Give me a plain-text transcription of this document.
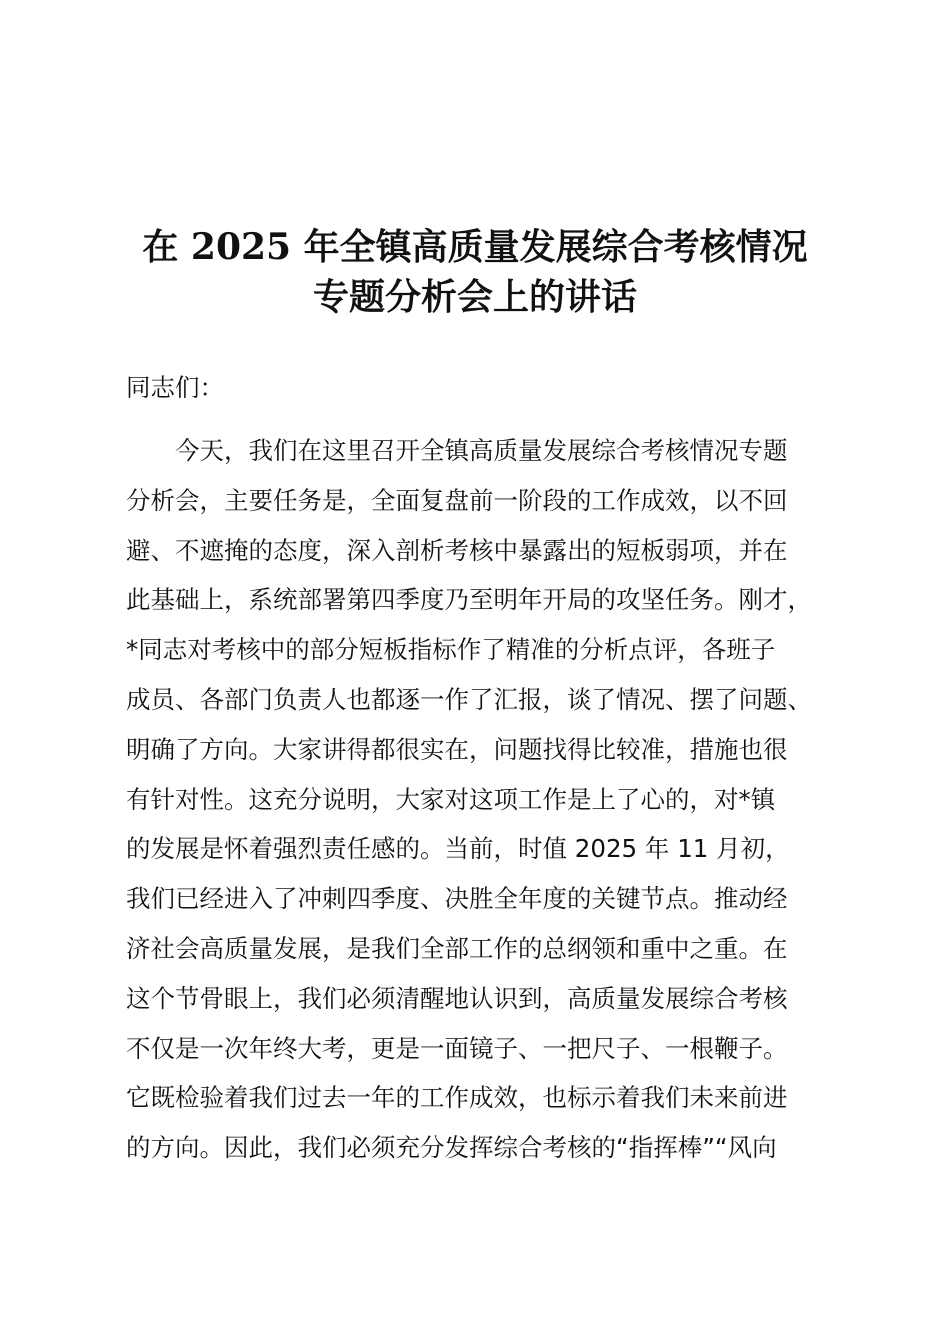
在 2025 年全镇高质量发展综合考核情况
专题分析会上的讲话

同志们：

今天，我们在这里召开全镇高质量发展综合考核情况专题
分析会，主要任务是，全面复盘前一阶段的工作成效，以不回
避、不遮掩的态度，深入剖析考核中暴露出的短板弱项，并在
此基础上，系统部署第四季度乃至明年开局的攻坚任务。刚才，
*同志对考核中的部分短板指标作了精准的分析点评，各班子
成员、各部门负责人也都逐一作了汇报，谈了情况、摆了问题、
明确了方向。大家讲得都很实在，问题找得比较准，措施也很
有针对性。这充分说明，大家对这项工作是上了心的，对*镇
的发展是怀着强烈责任感的。当前，时值 2025 年 11 月初，
我们已经进入了冲刺四季度、决胜全年度的关键节点。推动经
济社会高质量发展，是我们全部工作的总纲领和重中之重。在
这个节骨眼上，我们必须清醒地认识到，高质量发展综合考核
不仅是一次年终大考，更是一面镜子、一把尺子、一根鞭子。
它既检验着我们过去一年的工作成效，也标示着我们未来前进
的方向。因此，我们必须充分发挥综合考核的“指挥棒”“风向
